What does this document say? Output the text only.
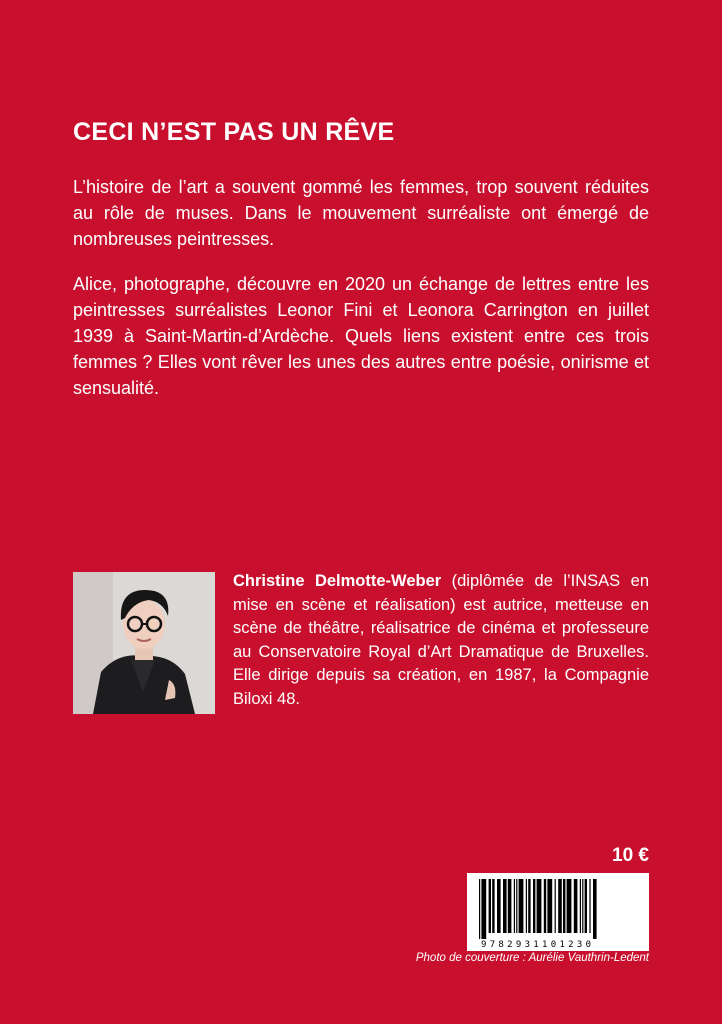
CECI N’EST PAS UN RÊVE

L’histoire de l’art a souvent gommé les femmes, trop souvent réduites au rôle de muses. Dans le mouvement surréaliste ont émergé de nombreuses peintresses.

Alice, photographe, découvre en 2020 un échange de lettres entre les peintresses surréalistes Leonor Fini et Leonora Carrington en juillet 1939 à Saint-Martin-d’Ardèche. Quels liens existent entre ces trois femmes ? Elles vont rêver les unes des autres entre poésie, onirisme et sensualité.

Christine Delmotte-Weber (diplômée de l’INSAS en mise en scène et réalisation) est autrice, metteuse en scène de théâtre, réalisatrice de cinéma et professeure au Conservatoire Royal d’Art Dramatique de Bruxelles. Elle dirige depuis sa création, en 1987, la Compagnie Biloxi 48.
10 €
9782931101230
Photo de couverture : Aurélie Vauthrin-Ledent
